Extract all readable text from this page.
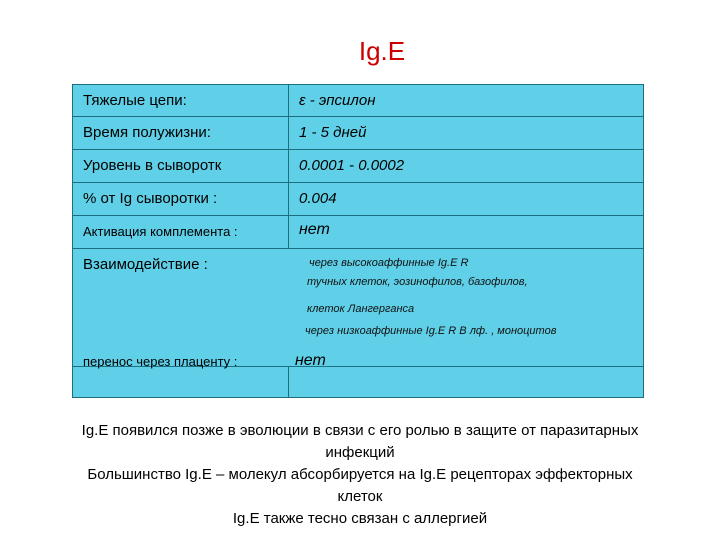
Ig.E
Тяжелые цепи:	ε - эпсилон
Время полужизни:	1 - 5 дней
Уровень в сыворотк	0.0001 - 0.0002
% от Ig сыворотки :	0.004
Активация комплемента :	нет
Взаимодействие :	через высокоаффинные Ig.E R
тучных клеток, эозинофилов, базофилов,
клеток Лангерганса
через низкоаффинные Ig.E R В лф. , моноцитов
перенос через плаценту :	нет
Ig.E появился позже в эволюции в связи с его ролью в защите от паразитарных
инфекций
Большинство Ig.E – молекул абсорбируется на Ig.E рецепторах эффекторных
клеток
Ig.E также тесно связан с аллергией
